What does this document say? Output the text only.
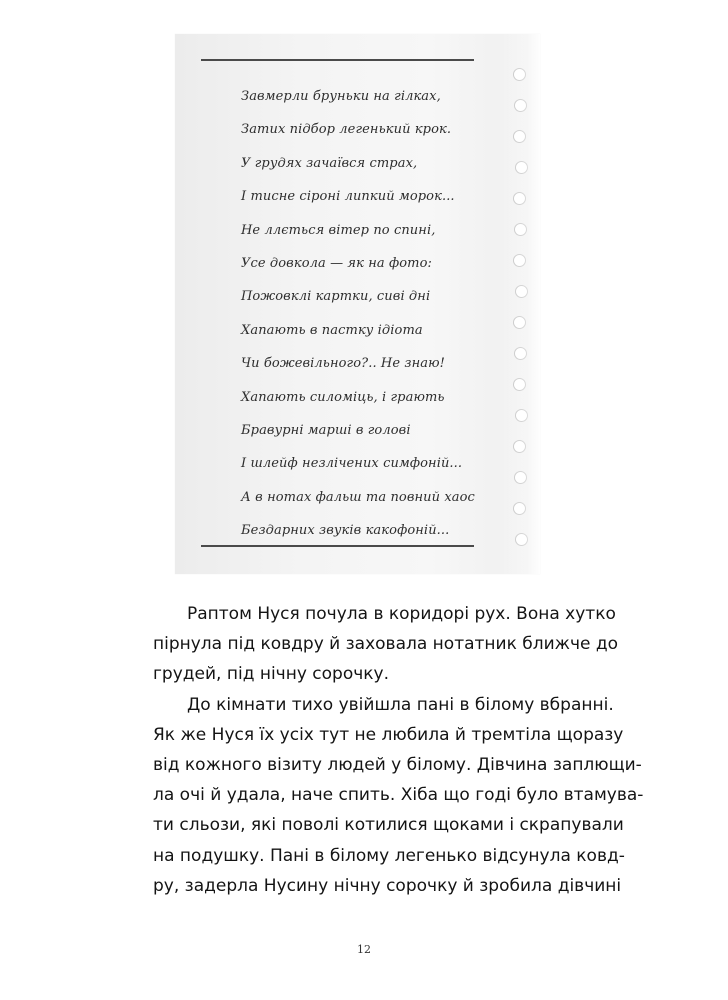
Завмерли бруньки на гілках,
Затих підбор легенький крок.
У грудях зачаївся страх,
І тисне сіроні липкий морок...
Не ллється вітер по спині,
Усе довкола — як на фото:
Пожовклі картки, сиві дні
Хапають в пастку ідіота
Чи божевільного?.. Не знаю!
Хапають силоміць, і грають
Бравурні марші в голові
І шлейф незлічених симфоній...
А в нотах фальш та повний хаос
Бездарних звуків какофоній...

Раптом Нуся почула в коридорі рух. Вона хутко
пірнула під ковдру й заховала нотатник ближче до
грудей, під нічну сорочку.

До кімнати тихо увійшла пані в білому вбранні.
Як же Нуся їх усіх тут не любила й тремтіла щоразу
від кожного візиту людей у білому. Дівчина заплющи-
ла очі й удала, наче спить. Хіба що годі було втамува-
ти сльози, які поволі котилися щоками і скрапували
на подушку. Пані в білому легенько відсунула ковд-
ру, задерла Нусину нічну сорочку й зробила дівчині

12
